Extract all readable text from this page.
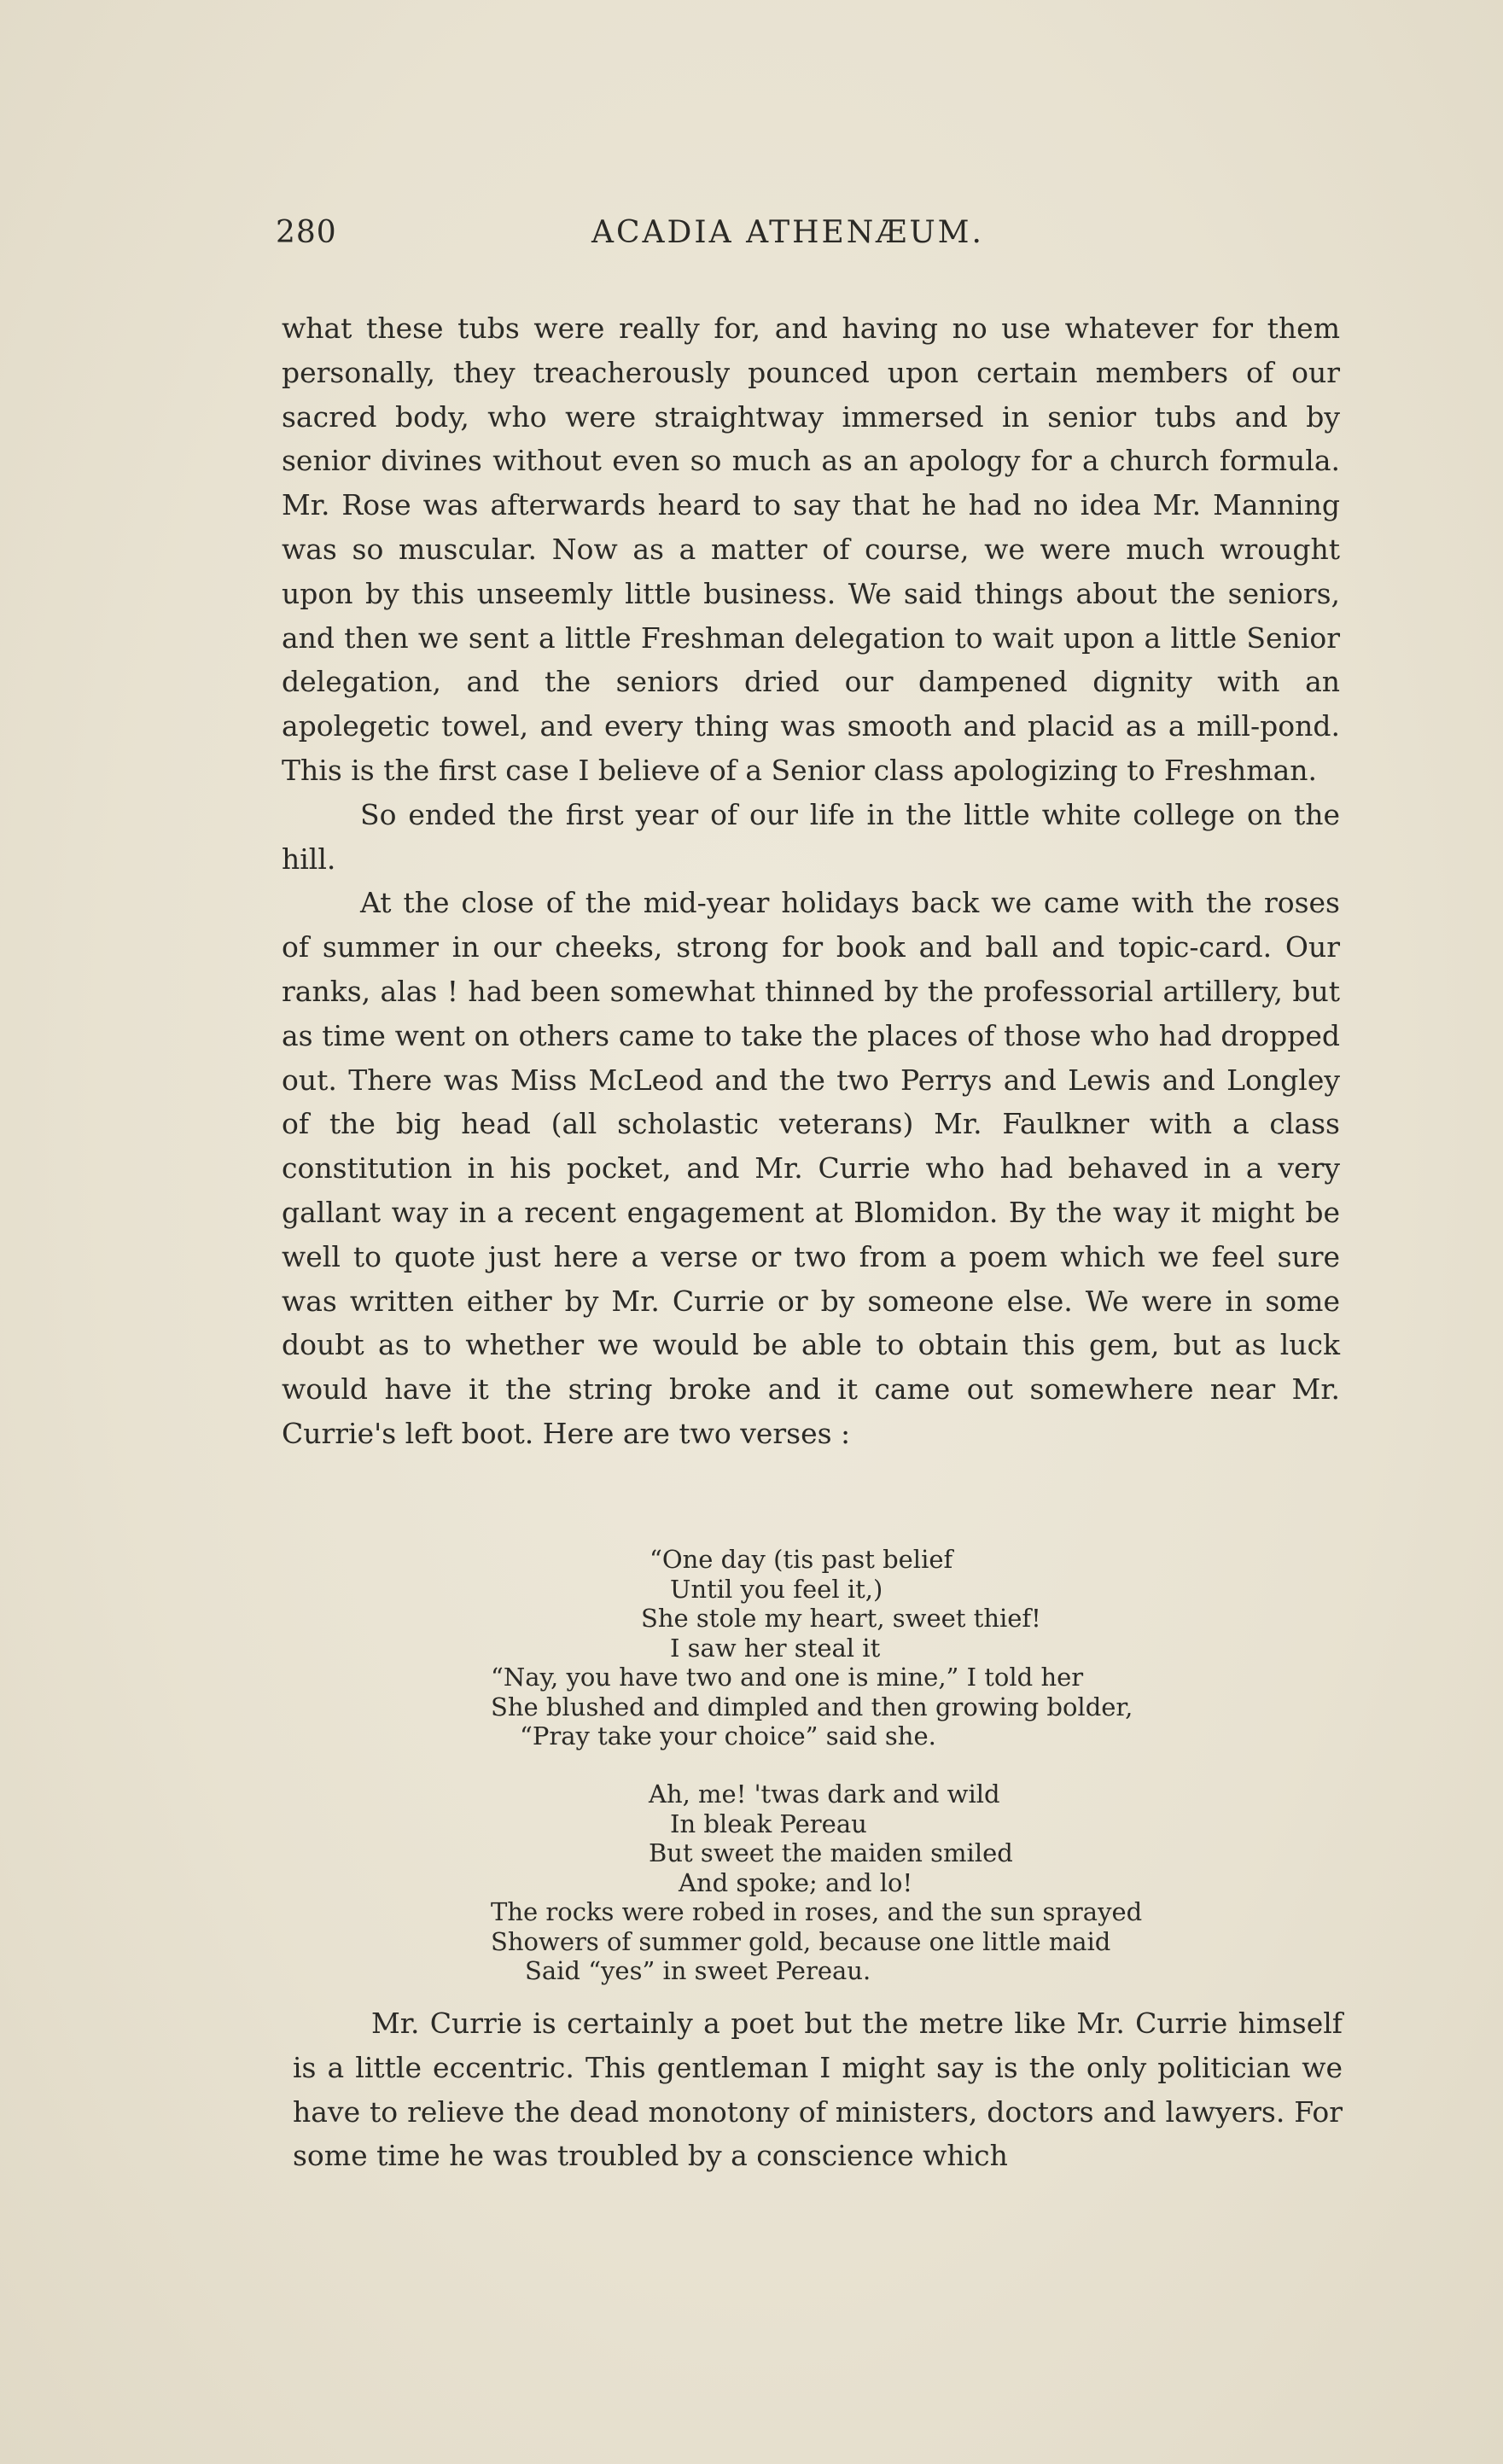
280	ACADIA ATHENÆUM.

what these tubs were really for, and having no use whatever for them personally, they treacherously pounced upon certain members of our sacred body, who were straightway immersed in senior tubs and by senior divines without even so much as an apology for a church formula. Mr. Rose was afterwards heard to say that he had no idea Mr. Manning was so muscular. Now as a matter of course, we were much wrought upon by this unseemly little business. We said things about the seniors, and then we sent a little Freshman delegation to wait upon a little Senior delegation, and the seniors dried our dampened dignity with an apolegetic towel, and every thing was smooth and placid as a mill-pond. This is the first case I believe of a Senior class apologizing to Freshman.

So ended the first year of our life in the little white college on the hill.

At the close of the mid-year holidays back we came with the roses of summer in our cheeks, strong for book and ball and topic-card. Our ranks, alas ! had been somewhat thinned by the professorial artillery, but as time went on others came to take the places of those who had dropped out. There was Miss McLeod and the two Perrys and Lewis and Longley of the big head (all scholastic veterans) Mr. Faulkner with a class constitution in his pocket, and Mr. Currie who had behaved in a very gallant way in a recent engagement at Blomidon. By the way it might be well to quote just here a verse or two from a poem which we feel sure was written either by Mr. Currie or by someone else. We were in some doubt as to whether we would be able to obtain this gem, but as luck would have it the string broke and it came out somewhere near Mr. Currie's left boot. Here are two verses :

“One day (tis past belief
Until you feel it,)
She stole my heart, sweet thief!
I saw her steal it
“Nay, you have two and one is mine,” I told her
She blushed and dimpled and then growing bolder,
“Pray take your choice” said she.
Ah, me! 'twas dark and wild
In bleak Pereau
But sweet the maiden smiled
And spoke; and lo!
The rocks were robed in roses, and the sun sprayed
Showers of summer gold, because one little maid
Said “yes” in sweet Pereau.

Mr. Currie is certainly a poet but the metre like Mr. Currie himself is a little eccentric. This gentleman I might say is the only politician we have to relieve the dead monotony of ministers, doctors and lawyers. For some time he was troubled by a conscience which
